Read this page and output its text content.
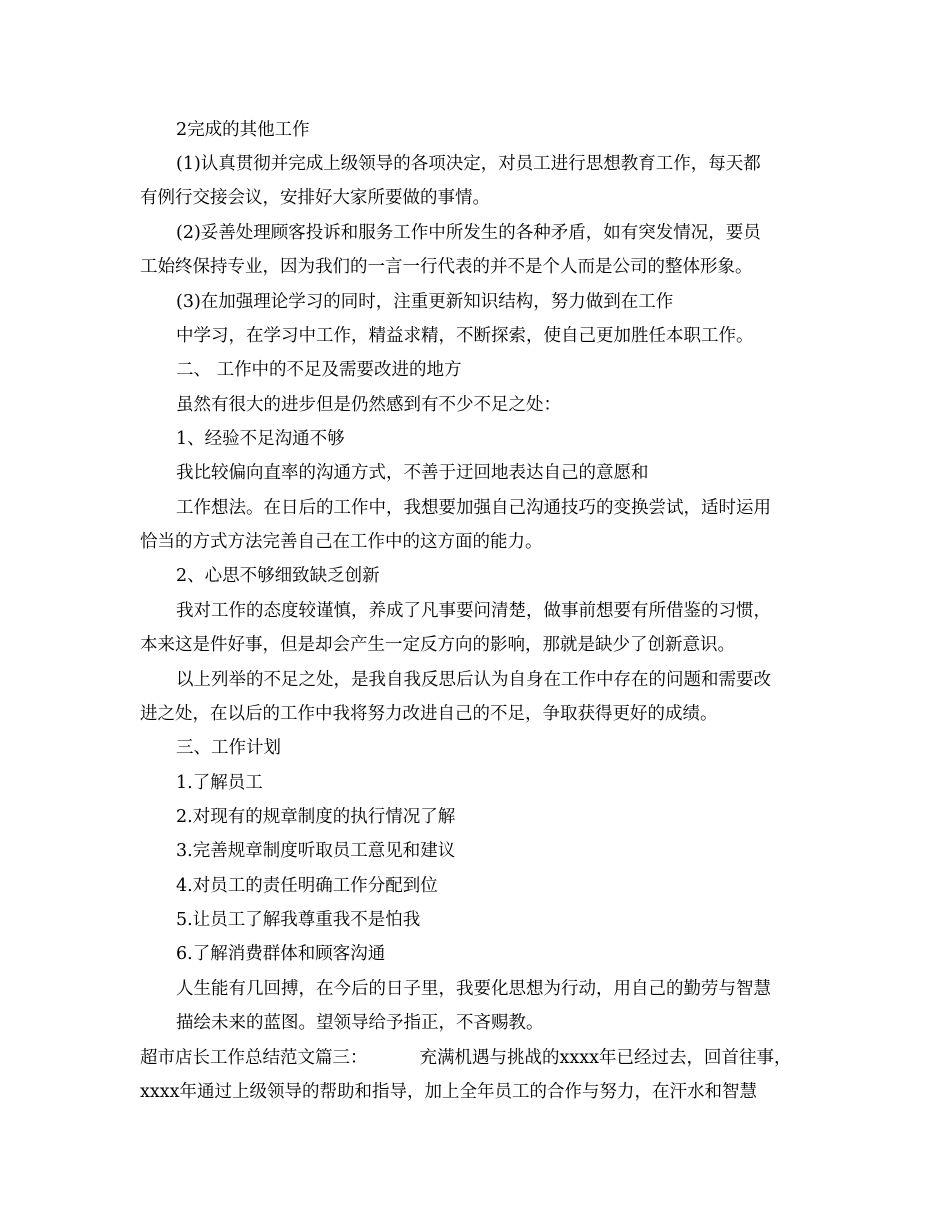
2完成的其他工作
(1)认真贯彻并完成上级领导的各项决定，对员工进行思想教育工作，每天都
有例行交接会议，安排好大家所要做的事情。
(2)妥善处理顾客投诉和服务工作中所发生的各种矛盾，如有突发情况，要员
工始终保持专业，因为我们的一言一行代表的并不是个人而是公司的整体形象。
(3)在加强理论学习的同时，注重更新知识结构，努力做到在工作
中学习，在学习中工作，精益求精，不断探索，使自己更加胜任本职工作。
二、 工作中的不足及需要改进的地方
虽然有很大的进步但是仍然感到有不少不足之处：
1、经验不足沟通不够
我比较偏向直率的沟通方式，不善于迂回地表达自己的意愿和
工作想法。在日后的工作中，我想要加强自己沟通技巧的变换尝试，适时运用
恰当的方式方法完善自己在工作中的这方面的能力。
2、心思不够细致缺乏创新
我对工作的态度较谨慎，养成了凡事要问清楚，做事前想要有所借鉴的习惯，
本来这是件好事，但是却会产生一定反方向的影响，那就是缺少了创新意识。
以上列举的不足之处，是我自我反思后认为自身在工作中存在的问题和需要改
进之处，在以后的工作中我将努力改进自己的不足，争取获得更好的成绩。
三、工作计划
1.了解员工
2.对现有的规章制度的执行情况了解
3.完善规章制度听取员工意见和建议
4.对员工的责任明确工作分配到位
5.让员工了解我尊重我不是怕我
6.了解消费群体和顾客沟通
人生能有几回搏，在今后的日子里，我要化思想为行动，用自己的勤劳与智慧
描绘未来的蓝图。望领导给予指正，不吝赐教。
超市店长工作总结范文篇三：	充满机遇与挑战的xxxx年已经过去，回首往事，
xxxx年通过上级领导的帮助和指导，加上全年员工的合作与努力，在汗水和智慧
